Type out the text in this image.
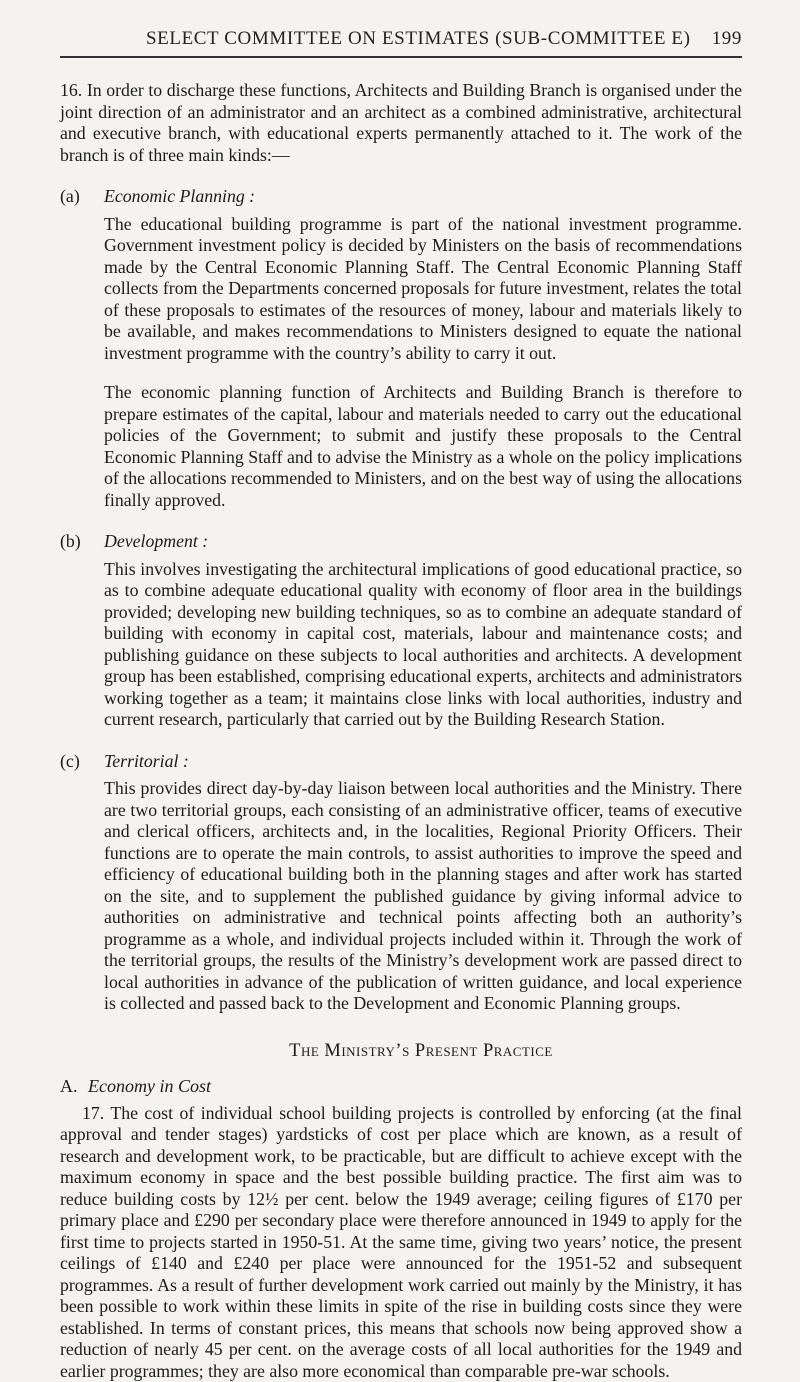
SELECT COMMITTEE ON ESTIMATES (SUB-COMMITTEE E) 199

16. In order to discharge these functions, Architects and Building Branch is organised under the joint direction of an administrator and an architect as a combined administrative, architectural and executive branch, with educational experts permanently attached to it. The work of the branch is of three main kinds:—

(a)	Economic Planning :

The educational building programme is part of the national investment programme. Government investment policy is decided by Ministers on the basis of recommendations made by the Central Economic Planning Staff. The Central Economic Planning Staff collects from the Departments concerned proposals for future investment, relates the total of these proposals to estimates of the resources of money, labour and materials likely to be available, and makes recommendations to Ministers designed to equate the national investment programme with the country’s ability to carry it out.

The economic planning function of Architects and Building Branch is therefore to prepare estimates of the capital, labour and materials needed to carry out the educational policies of the Government; to submit and justify these proposals to the Central Economic Planning Staff and to advise the Ministry as a whole on the policy implications of the allocations recommended to Ministers, and on the best way of using the allocations finally approved.

(b)	Development :

This involves investigating the architectural implications of good educational practice, so as to combine adequate educational quality with economy of floor area in the buildings provided; developing new building techniques, so as to combine an adequate standard of building with economy in capital cost, materials, labour and maintenance costs; and publishing guidance on these subjects to local authorities and architects. A development group has been established, comprising educational experts, architects and administrators working together as a team; it maintains close links with local authorities, industry and current research, particularly that carried out by the Building Research Station.

(c)	Territorial :

This provides direct day-by-day liaison between local authorities and the Ministry. There are two territorial groups, each consisting of an administrative officer, teams of executive and clerical officers, architects and, in the localities, Regional Priority Officers. Their functions are to operate the main controls, to assist authorities to improve the speed and efficiency of educational building both in the planning stages and after work has started on the site, and to supplement the published guidance by giving informal advice to authorities on administrative and technical points affecting both an authority’s programme as a whole, and individual projects included within it. Through the work of the territorial groups, the results of the Ministry’s development work are passed direct to local authorities in advance of the publication of written guidance, and local experience is collected and passed back to the Development and Economic Planning groups.

The Ministry’s Present Practice
A. Economy in Cost

17. The cost of individual school building projects is controlled by enforcing (at the final approval and tender stages) yardsticks of cost per place which are known, as a result of research and development work, to be practicable, but are difficult to achieve except with the maximum economy in space and the best possible building practice. The first aim was to reduce building costs by 12½ per cent. below the 1949 average; ceiling figures of £170 per primary place and £290 per secondary place were therefore announced in 1949 to apply for the first time to projects started in 1950-51. At the same time, giving two years’ notice, the present ceilings of £140 and £240 per place were announced for the 1951-52 and subsequent programmes. As a result of further development work carried out mainly by the Ministry, it has been possible to work within these limits in spite of the rise in building costs since they were established. In terms of constant prices, this means that schools now being approved show a reduction of nearly 45 per cent. on the average costs of all local authorities for the 1949 and earlier programmes; they are also more economical than comparable pre-war schools.
